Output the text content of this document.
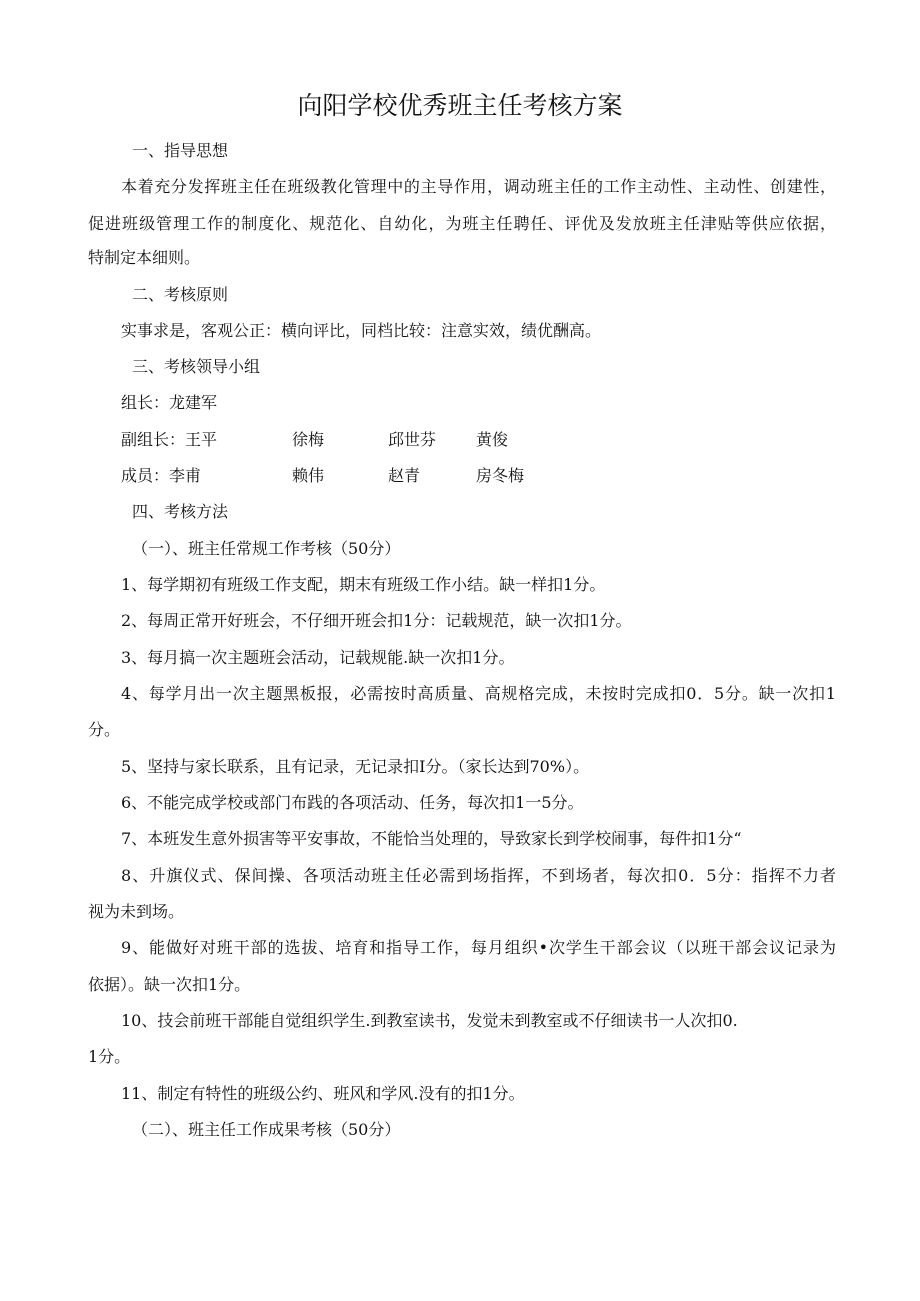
向阳学校优秀班主任考核方案
一、指导思想
本着充分发挥班主任在班级教化管理中的主导作用，调动班主任的工作主动性、主动性、创建性，
促进班级管理工作的制度化、规范化、自幼化，为班主任聘任、评优及发放班主任津贴等供应依据，
特制定本细则。
二、考核原则
实事求是，客观公正：横向评比，同档比较：注意实效，绩优酬高。
三、考核领导小组
组长：龙建军
副组长：王平	徐梅	邱世芬 黄俊
成员：李甫	赖伟	赵青	房冬梅
四、考核方法
（一）、班主任常规工作考核（50分）
1、每学期初有班级工作支配，期末有班级工作小结。缺一样扣1分。
2、每周正常开好班会，不仔细开班会扣1分：记载规范，缺一次扣1分。
3、每月搞一次主题班会活动，记载规能.缺一次扣1分。
4、每学月出一次主题黑板报，必需按时高质量、高规格完成，未按时完成扣0．5分。缺一次扣1
分。
5、坚持与家长联系，且有记录，无记录扣I分。（家长达到70%）。
6、不能完成学校或部门布践的各项活动、任务，每次扣1一5分。
7、本班发生意外损害等平安事故，不能恰当处理的，导致家长到学校闹事，每件扣1分“
8、升旗仪式、保间操、各项活动班主任必需到场指挥，不到场者，每次扣0．5分：指挥不力者
视为未到场。
9、能做好对班干部的选拔、培育和指导工作，每月组织•次学生干部会议（以班干部会议记录为
依据）。缺一次扣1分。
10、技会前班干部能自觉组织学生.到教室读书，发觉未到教室或不仔细读书一人次扣0.
1分。
11、制定有特性的班级公约、班风和学风.没有的扣1分。
（二）、班主任工作成果考核（50分）
